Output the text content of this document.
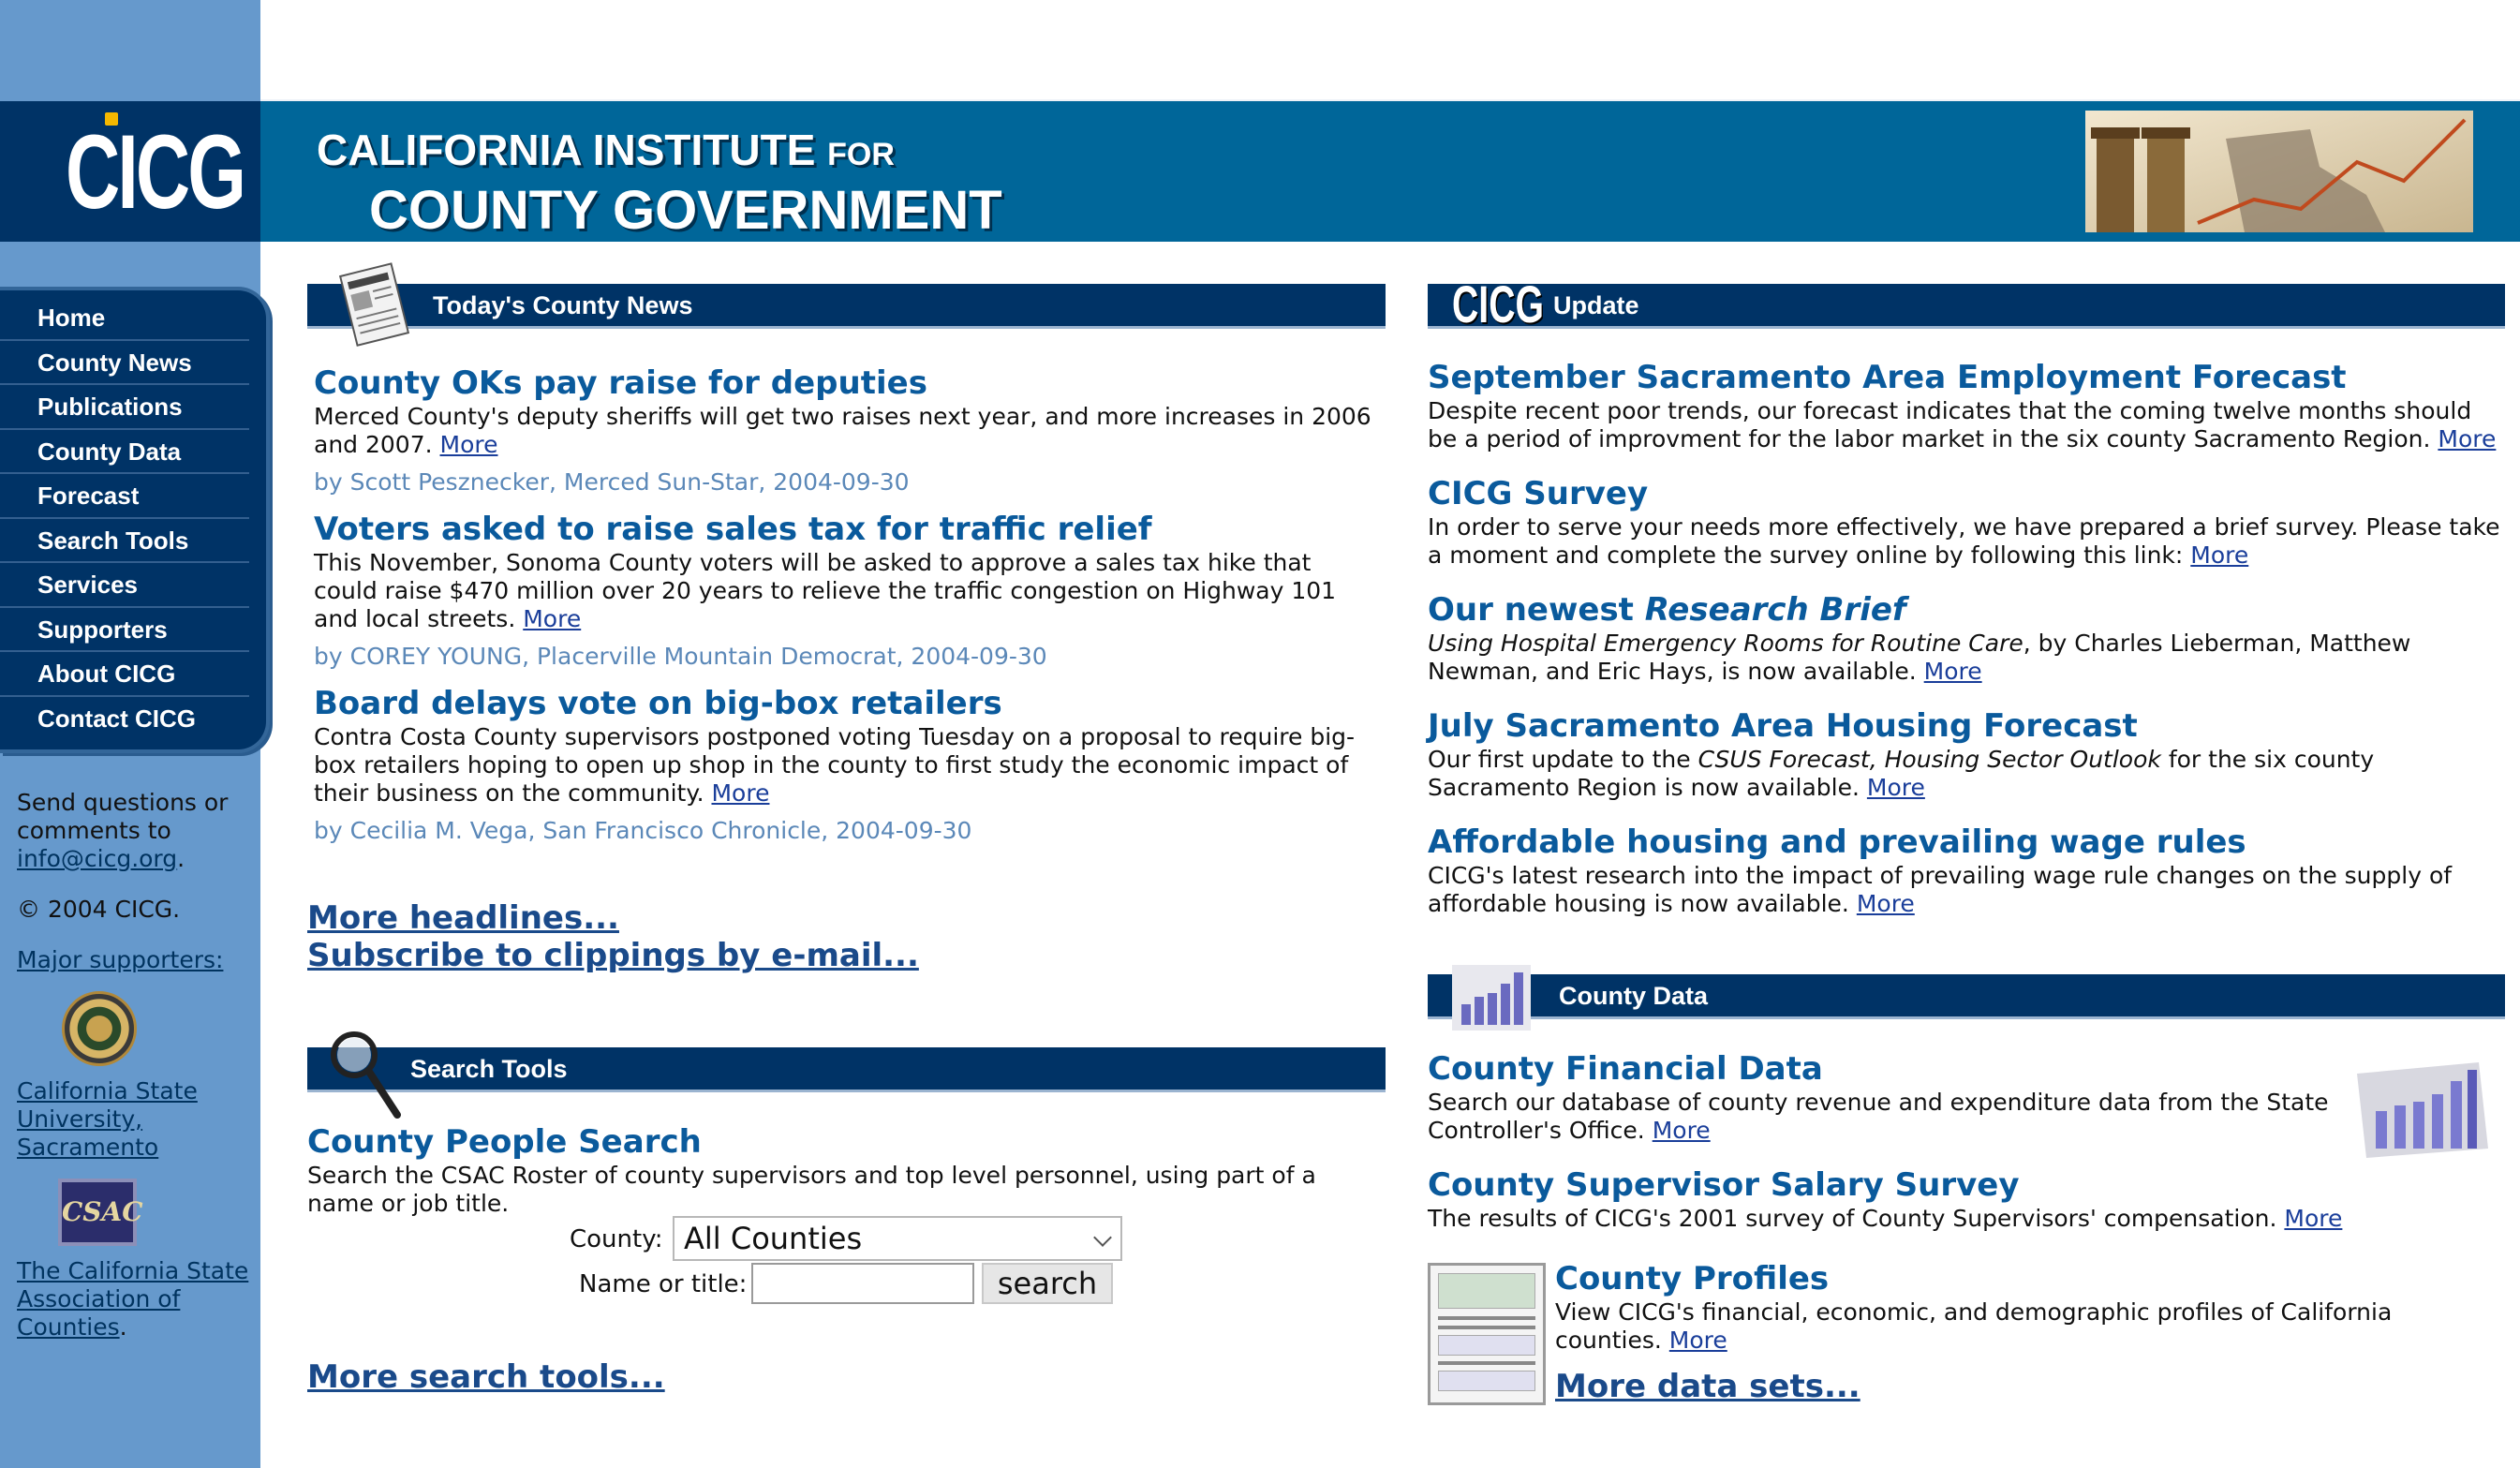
CICG CALIFORNIA INSTITUTE FOR
COUNTY GOVERNMENT
Home
County News
Publications
County Data
Forecast
Search Tools
Services
Supporters
About CICG
Contact CICG

Send questions or comments to info@cicg.org.

© 2004 CICG.

Major supporters:

California State University, Sacramento
CSAC
The California State Association of Counties.
Today's County News
County OKs pay raise for deputies
Merced County's deputy sheriffs will get two raises next year, and more increases in 2006 and 2007. More
by Scott Pesznecker, Merced Sun-Star, 2004-09-30
Voters asked to raise sales tax for traffic relief
This November, Sonoma County voters will be asked to approve a sales tax hike that could raise $470 million over 20 years to relieve the traffic congestion on Highway 101 and local streets. More
by COREY YOUNG, Placerville Mountain Democrat, 2004-09-30
Board delays vote on big-box retailers
Contra Costa County supervisors postponed voting Tuesday on a proposal to require big-box retailers hoping to open up shop in the county to first study the economic impact of their business on the community. More
by Cecilia M. Vega, San Francisco Chronicle, 2004-09-30
More headlines...
Subscribe to clippings by e-mail...
Search Tools
County People Search
Search the CSAC Roster of county supervisors and top level personnel, using part of a name or job title.
County: All Counties
Name or title:	search
More search tools...
CICG Update
September Sacramento Area Employment Forecast
Despite recent poor trends, our forecast indicates that the coming twelve months should be a period of improvment for the labor market in the six county Sacramento Region. More
CICG Survey
In order to serve your needs more effectively, we have prepared a brief survey. Please take a moment and complete the survey online by following this link: More
Our newest Research Brief
Using Hospital Emergency Rooms for Routine Care, by Charles Lieberman, Matthew Newman, and Eric Hays, is now available. More
July Sacramento Area Housing Forecast
Our first update to the CSUS Forecast, Housing Sector Outlook for the six county Sacramento Region is now available. More
Affordable housing and prevailing wage rules
CICG's latest research into the impact of prevailing wage rule changes on the supply of affordable housing is now available. More
County Data
County Financial Data
Search our database of county revenue and expenditure data from the State Controller's Office. More
County Supervisor Salary Survey
The results of CICG's 2001 survey of County Supervisors' compensation. More
County Profiles
View CICG's financial, economic, and demographic profiles of California counties. More
More data sets...
